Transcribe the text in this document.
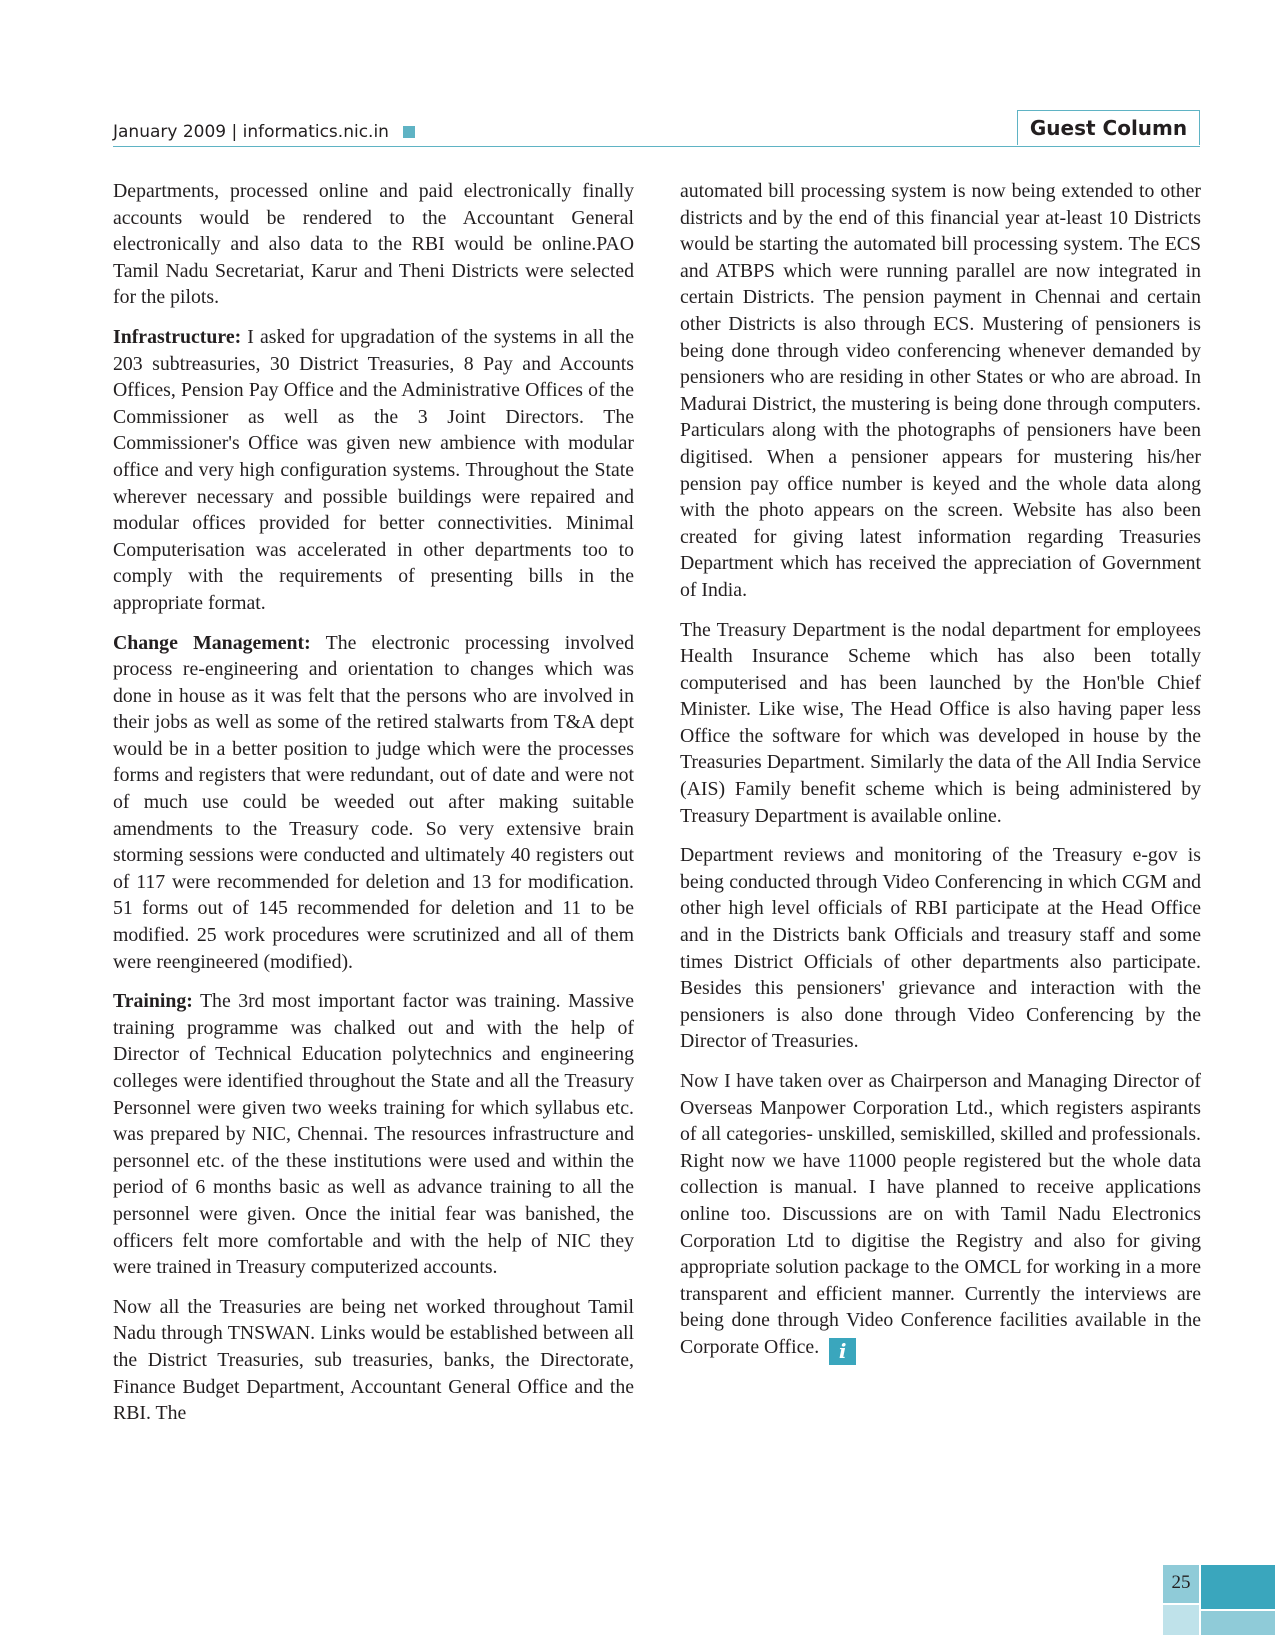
January 2009 | informatics.nic.in	Guest Column

Departments, processed online and paid electronically finally accounts would be rendered to the Accountant General electronically and also data to the RBI would be online.PAO Tamil Nadu Secretariat, Karur and Theni Districts were selected for the pilots.

Infrastructure: I asked for upgradation of the systems in all the 203 subtreasuries, 30 District Treasuries, 8 Pay and Accounts Offices, Pension Pay Office and the Administrative Offices of the Commissioner as well as the 3 Joint Directors. The Commissioner's Office was given new ambience with modular office and very high configuration systems. Throughout the State wherever necessary and possible buildings were repaired and modular offices provided for better connectivities. Minimal Computerisation was accelerated in other departments too to comply with the requirements of presenting bills in the appropriate format.

Change Management: The electronic processing involved process re-engineering and orientation to changes which was done in house as it was felt that the persons who are involved in their jobs as well as some of the retired stalwarts from T&A dept would be in a better position to judge which were the processes forms and registers that were redundant, out of date and were not of much use could be weeded out after making suitable amendments to the Treasury code. So very extensive brain storming sessions were conducted and ultimately 40 registers out of 117 were recommended for deletion and 13 for modification. 51 forms out of 145 recommended for deletion and 11 to be modified. 25 work procedures were scrutinized and all of them were reengineered (modified).

Training: The 3rd most important factor was training. Massive training programme was chalked out and with the help of Director of Technical Education polytechnics and engineering colleges were identified throughout the State and all the Treasury Personnel were given two weeks training for which syllabus etc. was prepared by NIC, Chennai. The resources infrastructure and personnel etc. of the these institutions were used and within the period of 6 months basic as well as advance training to all the personnel were given. Once the initial fear was banished, the officers felt more comfortable and with the help of NIC they were trained in Treasury computerized accounts.

Now all the Treasuries are being net worked throughout Tamil Nadu through TNSWAN. Links would be established between all the District Treasuries, sub treasuries, banks, the Directorate, Finance Budget Department, Accountant General Office and the RBI. The

automated bill processing system is now being extended to other districts and by the end of this financial year at-least 10 Districts would be starting the automated bill processing system. The ECS and ATBPS which were running parallel are now integrated in certain Districts. The pension payment in Chennai and certain other Districts is also through ECS. Mustering of pensioners is being done through video conferencing whenever demanded by pensioners who are residing in other States or who are abroad. In Madurai District, the mustering is being done through computers. Particulars along with the photographs of pensioners have been digitised. When a pensioner appears for mustering his/her pension pay office number is keyed and the whole data along with the photo appears on the screen. Website has also been created for giving latest information regarding Treasuries Department which has received the appreciation of Government of India.

The Treasury Department is the nodal department for employees Health Insurance Scheme which has also been totally computerised and has been launched by the Hon'ble Chief Minister. Like wise, The Head Office is also having paper less Office the software for which was developed in house by the Treasuries Department. Similarly the data of the All India Service (AIS) Family benefit scheme which is being administered by Treasury Department is available online.

Department reviews and monitoring of the Treasury e-gov is being conducted through Video Conferencing in which CGM and other high level officials of RBI participate at the Head Office and in the Districts bank Officials and treasury staff and some times District Officials of other departments also participate. Besides this pensioners' grievance and interaction with the pensioners is also done through Video Conferencing by the Director of Treasuries.

Now I have taken over as Chairperson and Managing Director of Overseas Manpower Corporation Ltd., which registers aspirants of all categories- unskilled, semiskilled, skilled and professionals. Right now we have 11000 people registered but the whole data collection is manual. I have planned to receive applications online too. Discussions are on with Tamil Nadu Electronics Corporation Ltd to digitise the Registry and also for giving appropriate solution package to the OMCL for working in a more transparent and efficient manner. Currently the interviews are being done through Video Conference facilities available in the Corporate Office. i

25
